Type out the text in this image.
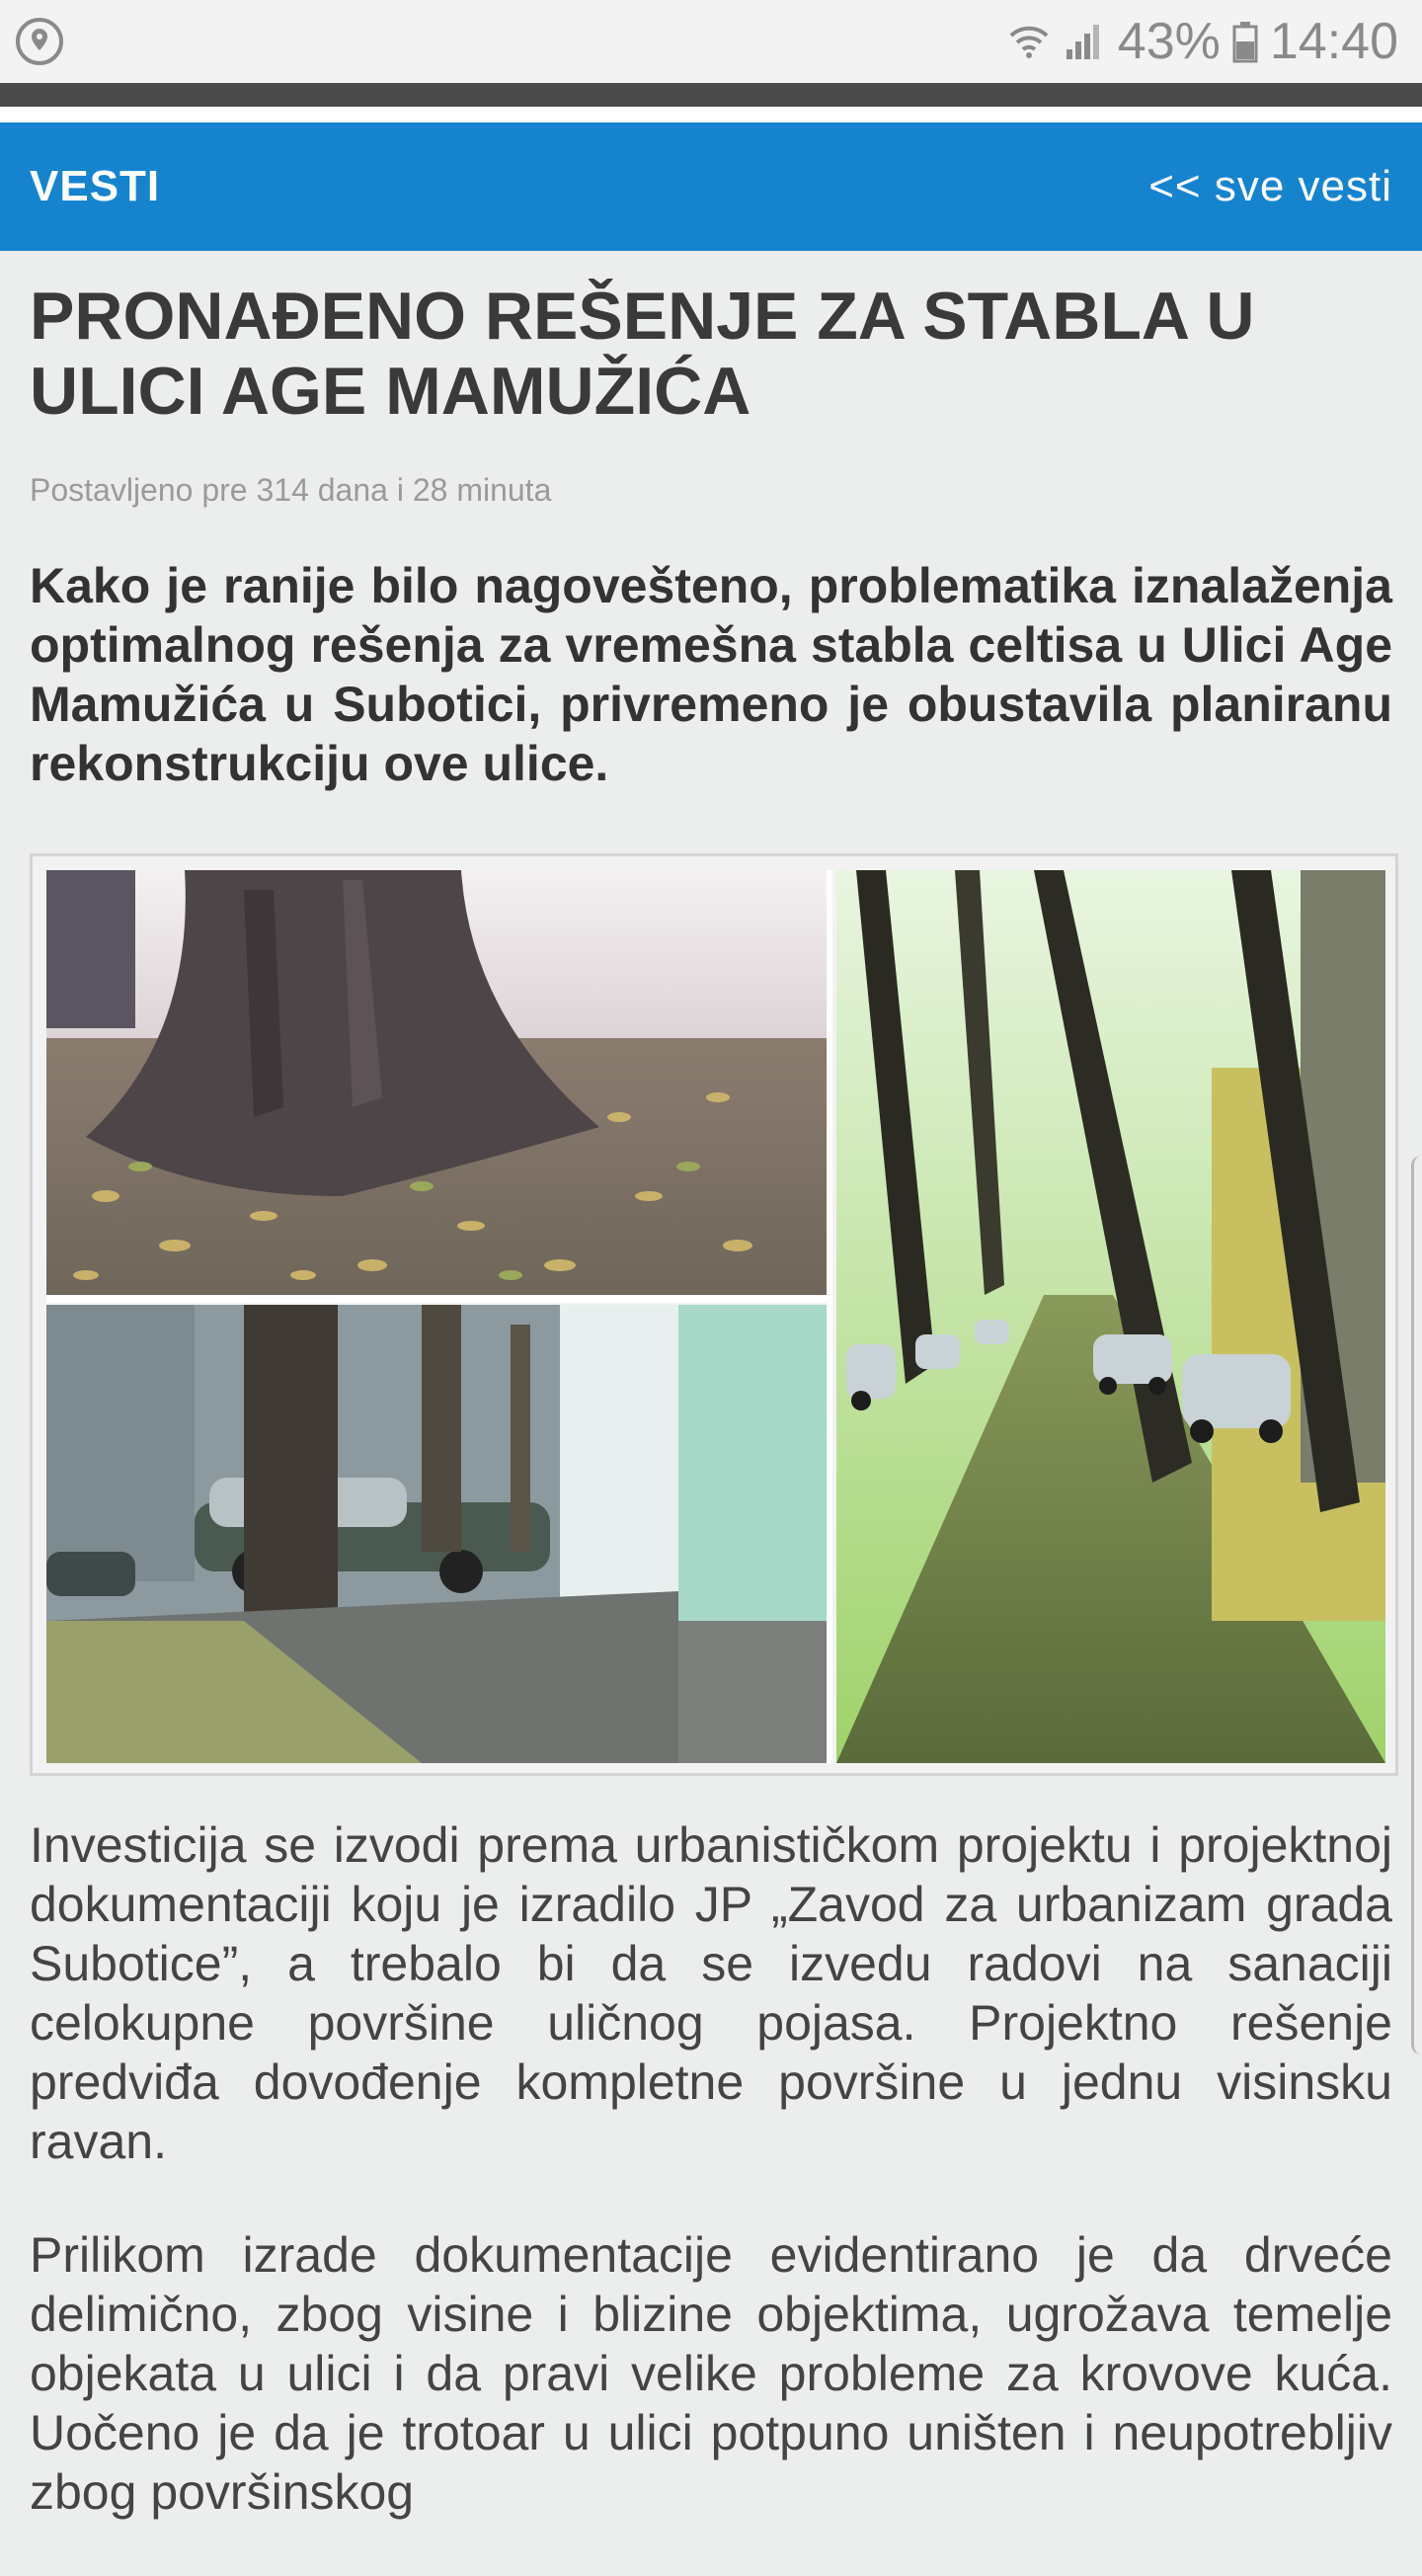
43% 14:40
VESTI	<< sve vesti
PRONAĐENO REŠENJE ZA STABLA U ULICI AGE MAMUŽIĆA
Postavljeno pre 314 dana i 28 minuta
Kako je ranije bilo nagovešteno, problematika iznalaženja optimalnog rešenja za vremešna stabla celtisa u Ulici Age Mamužića u Subotici, privremeno je obustavila planiranu rekonstrukciju ove ulice.

Investicija se izvodi prema urbanističkom projektu i projektnoj dokumentaciji koju je izradilo JP „Zavod za urbanizam grada Subotice”, a trebalo bi da se izvedu radovi na sanaciji celokupne površine uličnog pojasa. Projektno rešenje predviđa dovođenje kompletne površine u jednu visinsku ravan.

Prilikom izrade dokumentacije evidentirano je da drveće delimično, zbog visine i blizine objektima, ugrožava temelje objekata u ulici i da pravi velike probleme za krovove kuća. Uočeno je da je trotoar u ulici potpuno uništen i neupotrebljiv zbog površinskog
